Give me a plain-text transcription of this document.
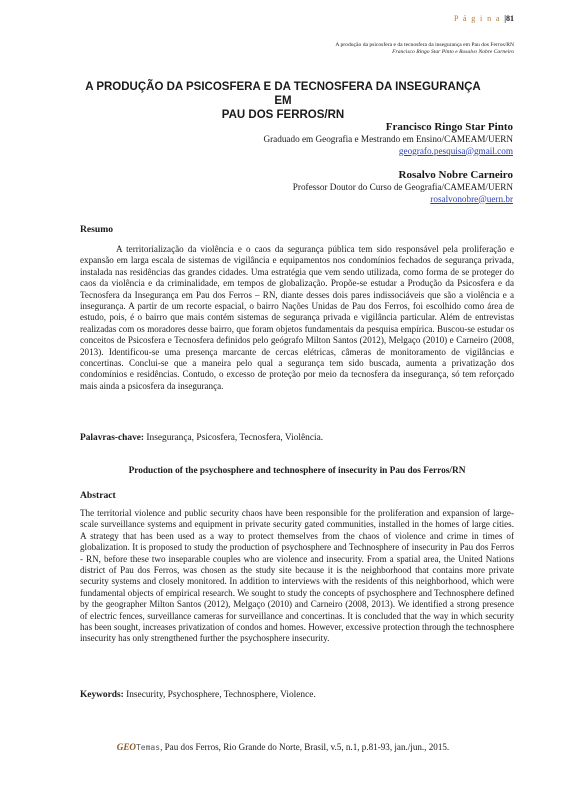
P á g i n a |81
A produção da psicosfera e da tecnosfera da insegurança em Pau dos Ferros/RN
Francisco Ringo Star Pinto e Rosalvo Nobre Carneiro
A PRODUÇÃO DA PSICOSFERA E DA TECNOSFERA DA INSEGURANÇA EM
PAU DOS FERROS/RN
Francisco Ringo Star Pinto
Graduado em Geografia e Mestrando em Ensino/CAMEAM/UERN
geografo.pesquisa@gmail.com
Rosalvo Nobre Carneiro
Professor Doutor do Curso de Geografia/CAMEAM/UERN
rosalvonobre@uern.br
Resumo

A territorialização da violência e o caos da segurança pública tem sido responsável pela proliferação e expansão em larga escala de sistemas de vigilância e equipamentos nos condomínios fechados de segurança privada, instalada nas residências das grandes cidades. Uma estratégia que vem sendo utilizada, como forma de se proteger do caos da violência e da criminalidade, em tempos de globalização. Propõe-se estudar a Produção da Psicosfera e da Tecnosfera da Insegurança em Pau dos Ferros – RN, diante desses dois pares indissociáveis que são a violência e a insegurança. A partir de um recorte espacial, o bairro Nações Unidas de Pau dos Ferros, foi escolhido como área de estudo, pois, é o bairro que mais contém sistemas de segurança privada e vigilância particular. Além de entrevistas realizadas com os moradores desse bairro, que foram objetos fundamentais da pesquisa empírica. Buscou-se estudar os conceitos de Psicosfera e Tecnosfera definidos pelo geógrafo Milton Santos (2012), Melgaço (2010) e Carneiro (2008, 2013). Identificou-se uma presença marcante de cercas elétricas, câmeras de monitoramento de vigilâncias e concertinas. Conclui-se que a maneira pelo qual a segurança tem sido buscada, aumenta a privatização dos condomínios e residências. Contudo, o excesso de proteção por meio da tecnosfera da insegurança, só tem reforçado mais ainda a psicosfera da insegurança.

Palavras-chave: Insegurança, Psicosfera, Tecnosfera, Violência.
Production of the psychosphere and technosphere of insecurity in Pau dos Ferros/RN
Abstract

The territorial violence and public security chaos have been responsible for the proliferation and expansion of large-scale surveillance systems and equipment in private security gated communities, installed in the homes of large cities. A strategy that has been used as a way to protect themselves from the chaos of violence and crime in times of globalization. It is proposed to study the production of psychosphere and Technosphere of insecurity in Pau dos Ferros - RN, before these two inseparable couples who are violence and insecurity. From a spatial area, the United Nations district of Pau dos Ferros, was chosen as the study site because it is the neighborhood that contains more private security systems and closely monitored. In addition to interviews with the residents of this neighborhood, which were fundamental objects of empirical research. We sought to study the concepts of psychosphere and Technosphere defined by the geographer Milton Santos (2012), Melgaço (2010) and Carneiro (2008, 2013). We identified a strong presence of electric fences, surveillance cameras for surveillance and concertinas. It is concluded that the way in which security has been sought, increases privatization of condos and homes. However, excessive protection through the technosphere insecurity has only strengthened further the psychosphere insecurity.

Keywords: Insecurity, Psychosphere, Technosphere, Violence.
GEOTemas, Pau dos Ferros, Rio Grande do Norte, Brasil, v.5, n.1, p.81-93, jan./jun., 2015.
